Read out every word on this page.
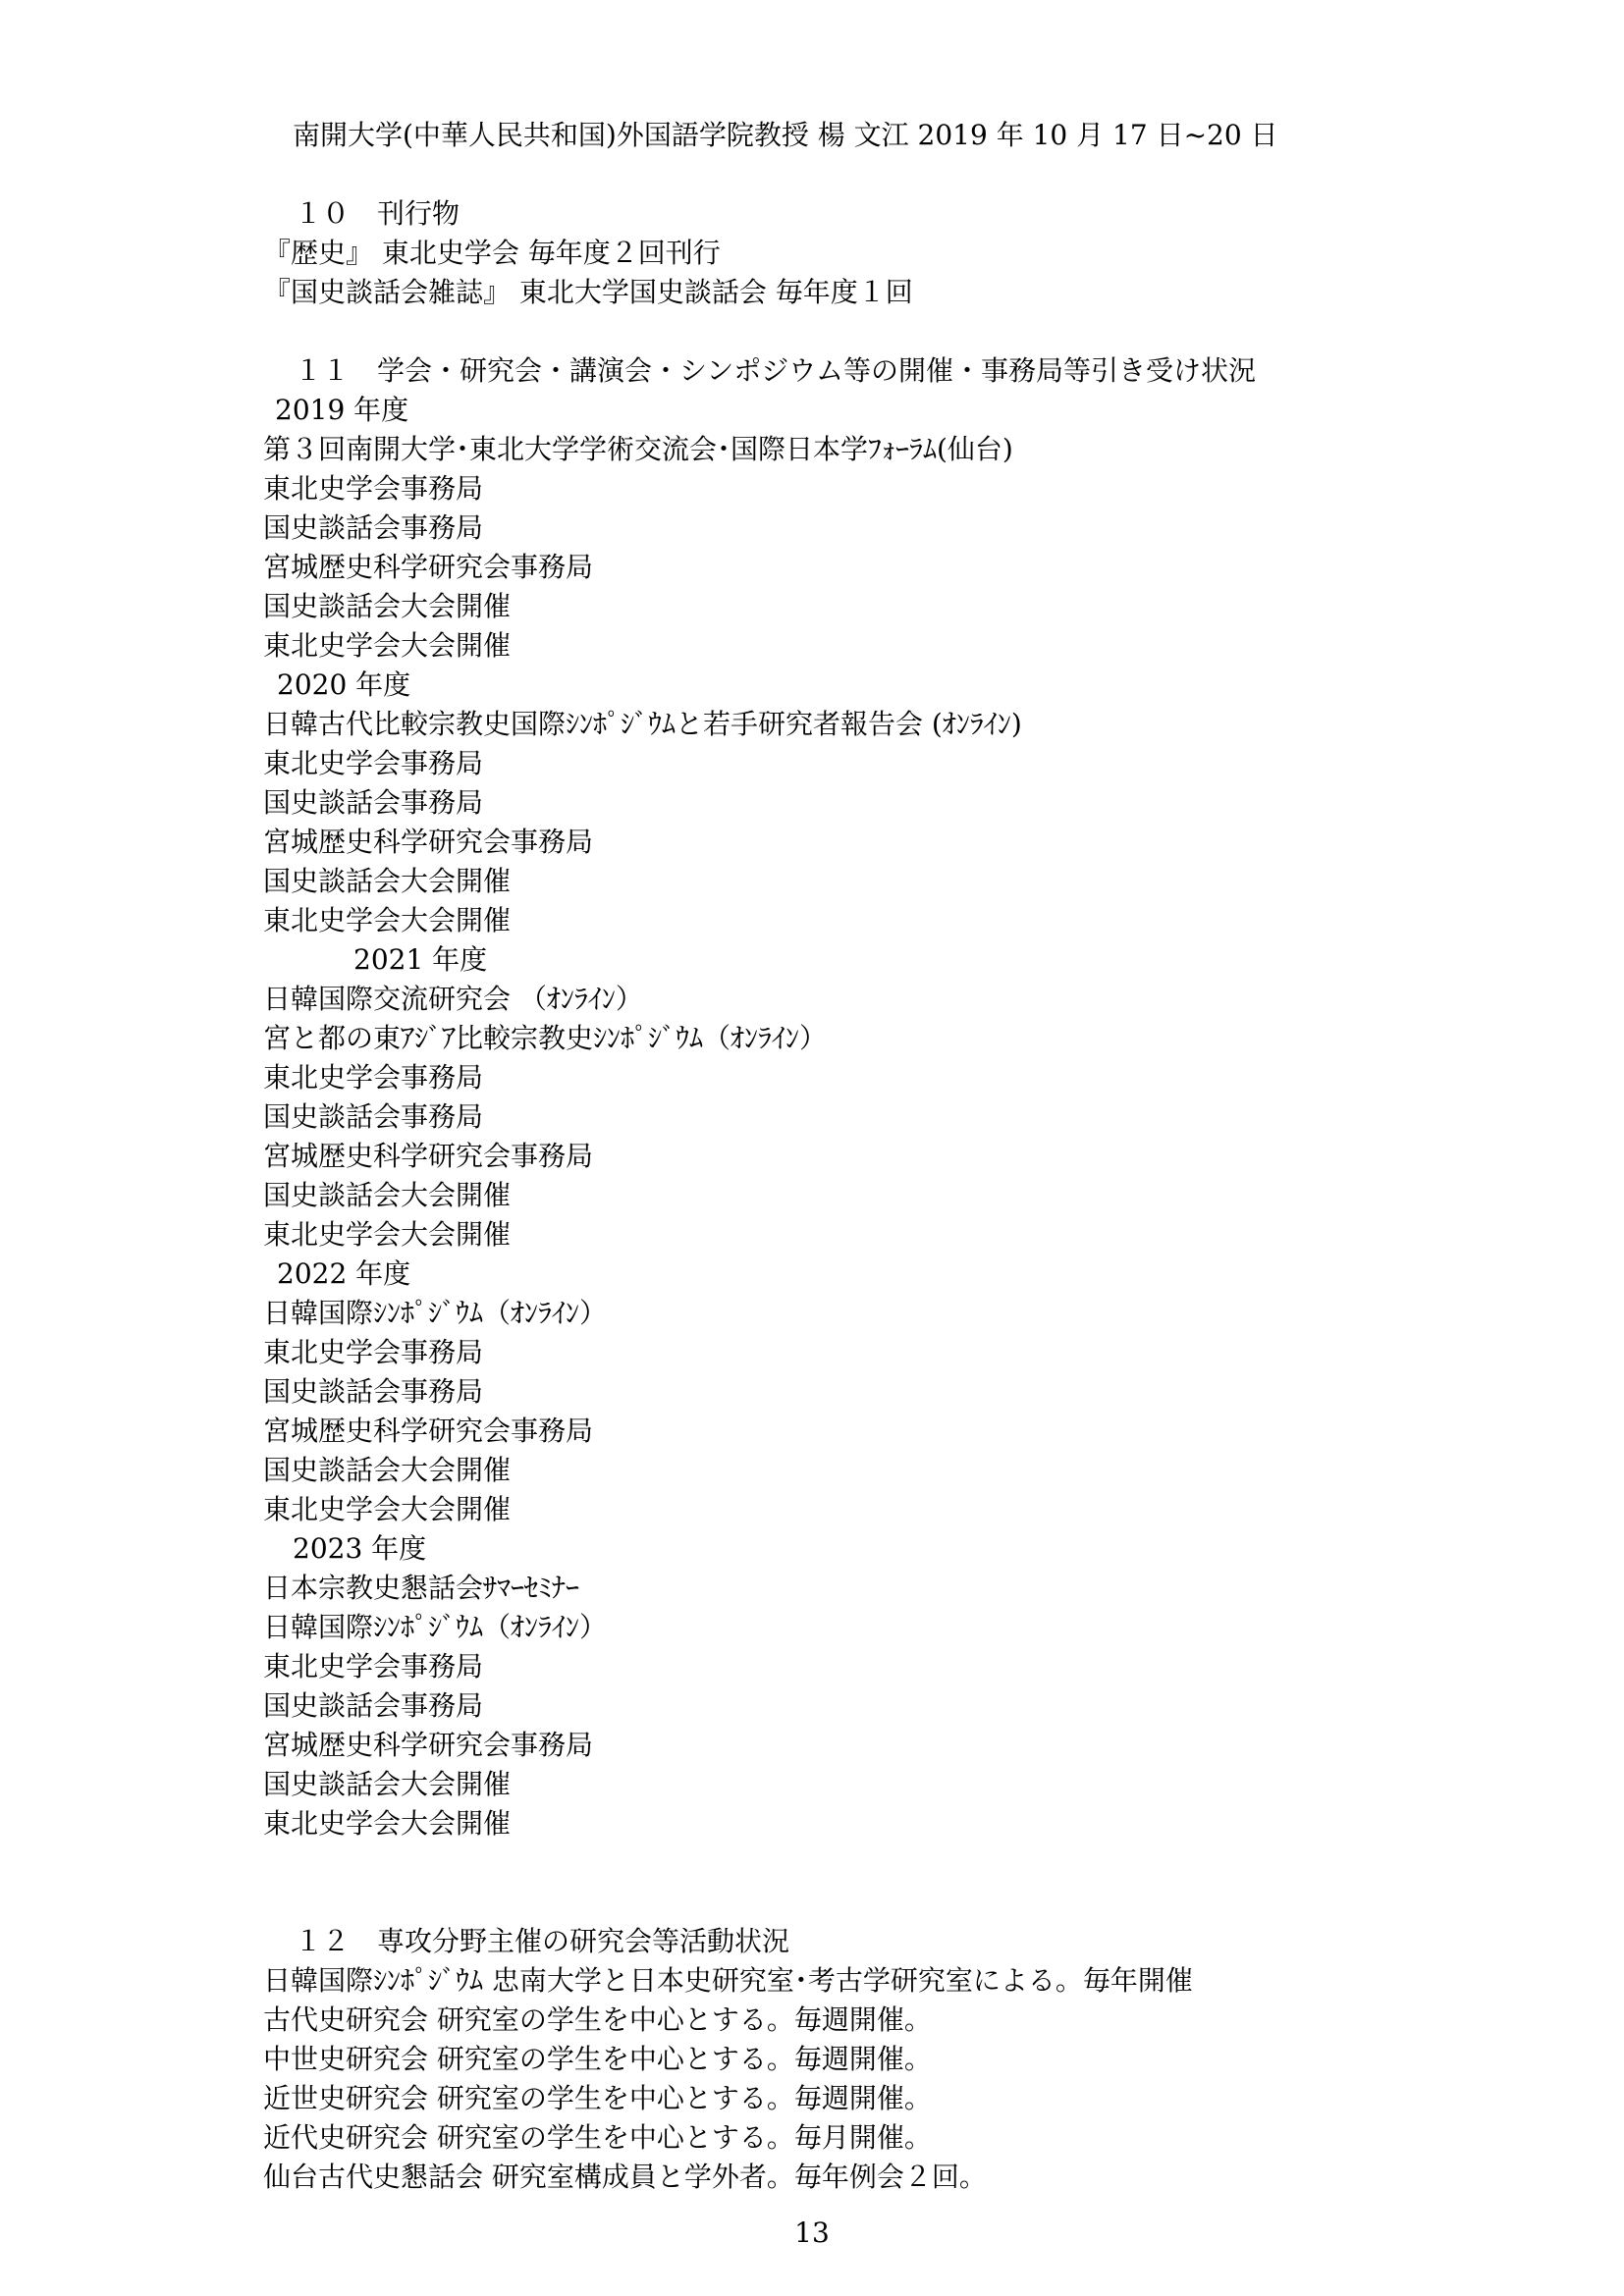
南開大学(中華人民共和国)外国語学院教授 楊 文江 2019 年 10 月 17 日~20 日

１０　刊行物

『歴史』 東北史学会 毎年度２回刊行

『国史談話会雑誌』 東北大学国史談話会 毎年度１回

１１　学会・研究会・講演会・シンポジウム等の開催・事務局等引き受け状況

2019 年度

第３回南開大学･東北大学学術交流会･国際日本学ﾌｫｰﾗﾑ(仙台)

東北史学会事務局

国史談話会事務局

宮城歴史科学研究会事務局

国史談話会大会開催

東北史学会大会開催

2020 年度

日韓古代比較宗教史国際ｼﾝﾎﾟｼﾞｳﾑと若手研究者報告会 (ｵﾝﾗｲﾝ)

東北史学会事務局

国史談話会事務局

宮城歴史科学研究会事務局

国史談話会大会開催

東北史学会大会開催

2021 年度

日韓国際交流研究会 （ｵﾝﾗｲﾝ）

宮と都の東ｱｼﾞｱ比較宗教史ｼﾝﾎﾟｼﾞｳﾑ（ｵﾝﾗｲﾝ）

東北史学会事務局

国史談話会事務局

宮城歴史科学研究会事務局

国史談話会大会開催

東北史学会大会開催

2022 年度

日韓国際ｼﾝﾎﾟｼﾞｳﾑ（ｵﾝﾗｲﾝ）

東北史学会事務局

国史談話会事務局

宮城歴史科学研究会事務局

国史談話会大会開催

東北史学会大会開催

2023 年度

日本宗教史懇話会ｻﾏｰｾﾐﾅｰ

日韓国際ｼﾝﾎﾟｼﾞｳﾑ（ｵﾝﾗｲﾝ）

東北史学会事務局

国史談話会事務局

宮城歴史科学研究会事務局

国史談話会大会開催

東北史学会大会開催

１２　専攻分野主催の研究会等活動状況

日韓国際ｼﾝﾎﾟｼﾞｳﾑ 忠南大学と日本史研究室･考古学研究室による。毎年開催

古代史研究会 研究室の学生を中心とする。毎週開催。

中世史研究会 研究室の学生を中心とする。毎週開催。

近世史研究会 研究室の学生を中心とする。毎週開催。

近代史研究会 研究室の学生を中心とする。毎月開催。

仙台古代史懇話会 研究室構成員と学外者。毎年例会２回。

13
